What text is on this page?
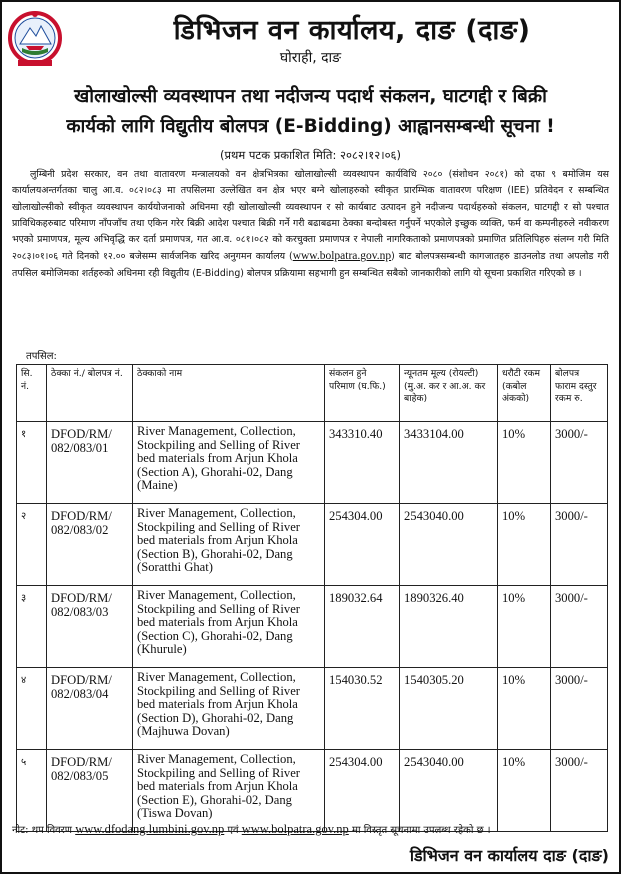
डिभिजन वन कार्यालय, दाङ (दाङ)
घोराही, दाङ
खोलाखोल्सी व्यवस्थापन तथा नदीजन्य पदार्थ संकलन, घाटगद्दी र बिक्री
कार्यको लागि विद्युतीय बोलपत्र (E-Bidding) आह्वानसम्बन्धी सूचना !
(प्रथम पटक प्रकाशित मिति: २०८२।१२।०६)

लुम्बिनी प्रदेश सरकार, वन तथा वातावरण मन्त्रालयको वन क्षेत्रभित्रका खोलाखोल्सी व्यवस्थापन कार्यविधि २०८० (संशोधन २०८१) को दफा ९ बमोजिम यस कार्यालयअन्तर्गतका चालु आ.व. ०८२।०८३ मा तपसिलमा उल्लेखित वन क्षेत्र भएर बग्ने खोलाहरुको स्वीकृत प्रारम्भिक वातावरण परिक्षण (IEE) प्रतिवेदन र सम्बन्धित खोलाखोल्सीको स्वीकृत व्यवस्थापन कार्ययोजनाको अधिनमा रही खोलाखोल्सी व्यवस्थापन र सो कार्यबाट उत्पादन हुने नदीजन्य पदार्थहरुको संकलन, घाटगद्दी र सो पश्चात प्राविधिकहरुबाट परिमाण नाँपजाँच तथा एकिन गरेर बिक्री आदेश पश्चात बिक्री गर्ने गरी बढाबढमा ठेक्का बन्दोबस्त गर्नुपर्ने भएकोले इच्छुक व्यक्ति, फर्म वा कम्पनीहरुले नवीकरण भएको प्रमाणपत्र, मूल्य अभिवृद्धि कर दर्ता प्रमाणपत्र, गत आ.व. ०८१।०८२ को करचुक्ता प्रमाणपत्र र नेपाली नागरिकताको प्रमाणपत्रको प्रमाणित प्रतिलिपिहरु संलग्न गरी मिति २०८३।०१।०६ गते दिनको १२.०० बजेसम्म सार्वजनिक खरिद अनुगमन कार्यालय (www.bolpatra.gov.np) बाट बोलपत्रसम्बन्धी कागजातहरु डाउनलोड तथा अपलोड गरी तपसिल बमोजिमका शर्तहरुको अधिनमा रही विद्युतीय (E-Bidding) बोलपत्र प्रक्रियामा सहभागी हुन सम्बन्धित सबैको जानकारीको लागि यो सूचना प्रकाशित गरिएको छ ।

तपसिल:
सि. नं.	ठेक्का नं./ बोलपत्र नं.	ठेक्काको नाम	संकलन हुने परिमाण (घ.फि.)	न्यूनतम मूल्य (रोयल्टी) (मु.अ. कर र आ.अ. कर बाहेक)	धरौटी रकम (कबोल अंकको)	बोलपत्र फाराम दस्तुर रकम रु.
१	DFOD/RM/ 082/083/01	River Management, Collection, Stockpiling and Selling of River bed materials from Arjun Khola (Section A), Ghorahi-02, Dang (Maine)	343310.40	3433104.00	10%	3000/-
२	DFOD/RM/ 082/083/02	River Management, Collection, Stockpiling and Selling of River bed materials from Arjun Khola (Section B), Ghorahi-02, Dang (Soratthi Ghat)	254304.00	2543040.00	10%	3000/-
३	DFOD/RM/ 082/083/03	River Management, Collection, Stockpiling and Selling of River bed materials from Arjun Khola (Section C), Ghorahi-02, Dang (Khurule)	189032.64	1890326.40	10%	3000/-
४	DFOD/RM/ 082/083/04	River Management, Collection, Stockpiling and Selling of River bed materials from Arjun Khola (Section D), Ghorahi-02, Dang (Majhuwa Dovan)	154030.52	1540305.20	10%	3000/-
५	DFOD/RM/ 082/083/05	River Management, Collection, Stockpiling and Selling of River bed materials from Arjun Khola (Section E), Ghorahi-02, Dang (Tiswa Dovan)	254304.00	2543040.00	10%	3000/-
नोट: थप विवरण www.dfodang.lumbini.gov.np एवं www.bolpatra.gov.np मा विस्तृत सूचनामा उपलब्ध रहेको छ ।
डिभिजन वन कार्यालय दाङ (दाङ)
